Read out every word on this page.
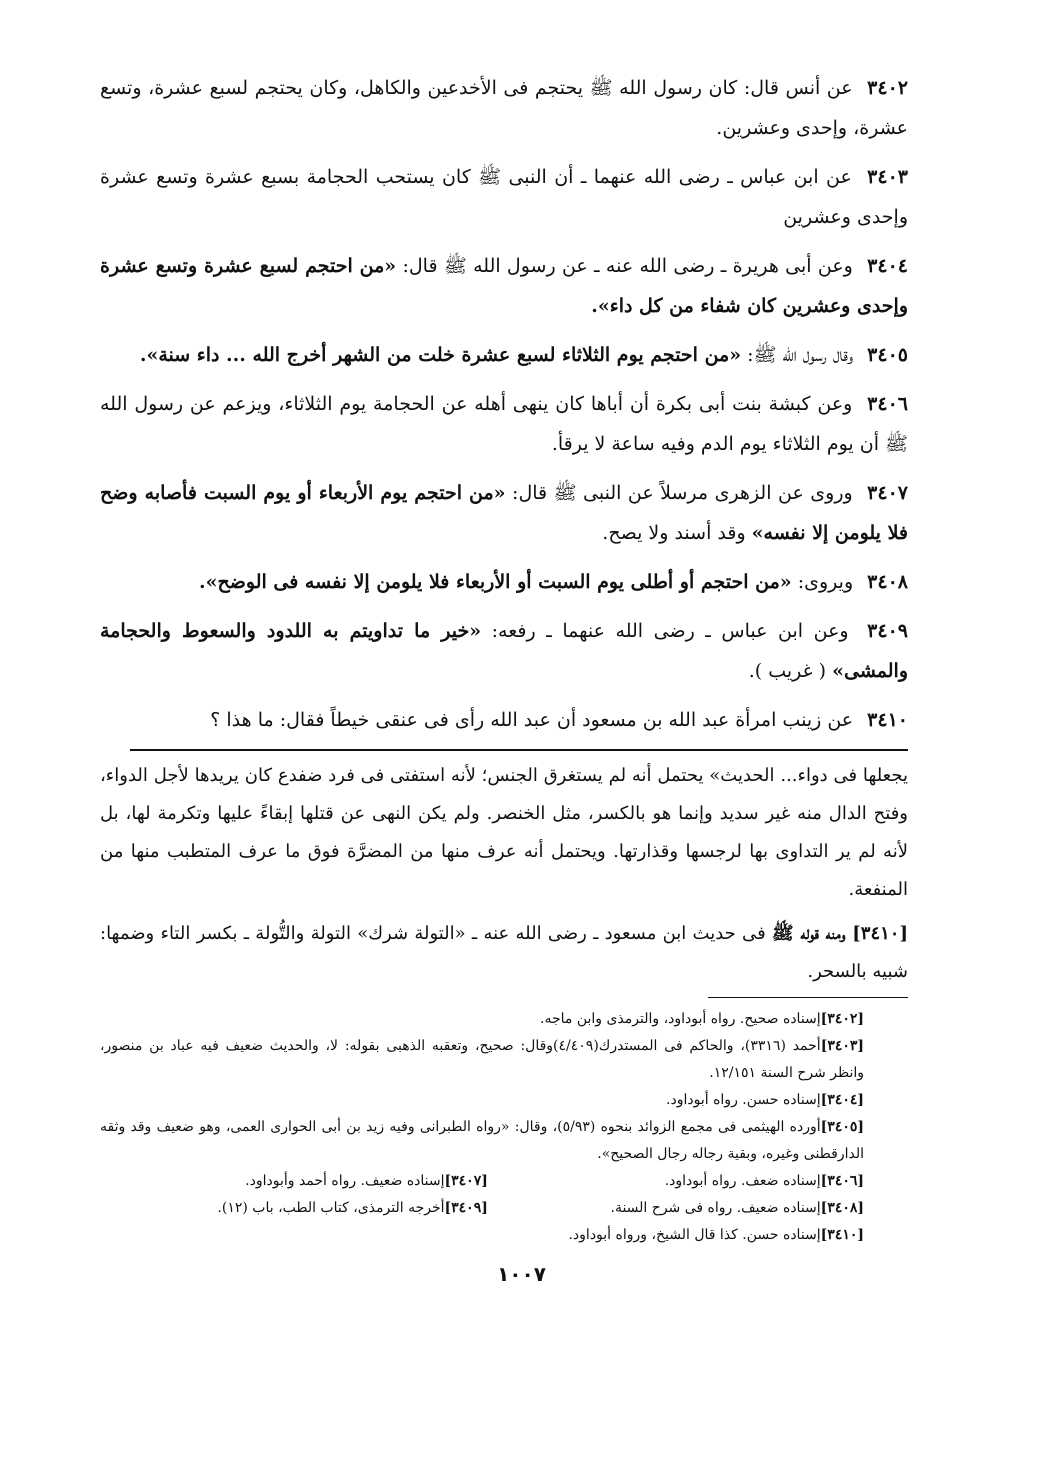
٣٤٠٢ عن أنس قال: كان رسول الله ﷺ يحتجم فى الأخدعين والكاهل، وكان يحتجم لسبع عشرة، وتسع عشرة، وإحدى وعشرين.

٣٤٠٣ عن ابن عباس ـ رضى الله عنهما ـ أن النبى ﷺ كان يستحب الحجامة بسبع عشرة وتسع عشرة وإحدى وعشرين

٣٤٠٤ وعن أبى هريرة ـ رضى الله عنه ـ عن رسول الله ﷺ قال: «من احتجم لسبع عشرة وتسع عشرة وإحدى وعشرين كان شفاء من كل داء».

٣٤٠٥ وقال رسول الله ﷺ: «من احتجم يوم الثلاثاء لسبع عشرة خلت من الشهر أخرج الله ... داء سنة».

٣٤٠٦ وعن كبشة بنت أبى بكرة أن أباها كان ينهى أهله عن الحجامة يوم الثلاثاء، ويزعم عن رسول الله ﷺ أن يوم الثلاثاء يوم الدم وفيه ساعة لا يرقأ.

٣٤٠٧ وروى عن الزهرى مرسلاً عن النبى ﷺ قال: «من احتجم يوم الأربعاء أو يوم السبت فأصابه وضح فلا يلومن إلا نفسه» وقد أسند ولا يصح.

٣٤٠٨ ويروى: «من احتجم أو أطلى يوم السبت أو الأربعاء فلا يلومن إلا نفسه فى الوضح».

٣٤٠٩ وعن ابن عباس ـ رضى الله عنهما ـ رفعه: «خير ما تداويتم به اللدود والسعوط والحجامة والمشى» ( غريب ).

٣٤١٠ عن زينب امرأة عبد الله بن مسعود أن عبد الله رأى فى عنقى خيطاً فقال: ما هذا ؟

يجعلها فى دواء... الحديث» يحتمل أنه لم يستغرق الجنس؛ لأنه استفتى فى فرد ضفدع كان يريدها لأجل الدواء، وفتح الدال منه غير سديد وإنما هو بالكسر، مثل الخنصر. ولم يكن النهى عن قتلها إبقاءً عليها وتكرمة لها، بل لأنه لم ير التداوى بها لرجسها وقذارتها. ويحتمل أنه عرف منها من المضرَّة فوق ما عرف المتطبب منها من المنفعة.

[٣٤١٠] ومنه قوله ﷺ فى حديث ابن مسعود ـ رضى الله عنه ـ «التولة شرك» التولة والتُّولة ـ بكسر التاء وضمها: شبيه بالسحر.

[٣٤٠٢]إسناده صحيح. رواه أبوداود، والترمذى وابن ماجه.

[٣٤٠٣]أحمد (٣٣١٦)، والحاكم فى المستدرك(٤/٤٠٩)وقال: صحيح، وتعقبه الذهبى بقوله: لا، والحديث ضعيف فيه عباد بن منصور، وانظر شرح السنة ١٢/١٥١.

[٣٤٠٤]إسناده حسن. رواه أبوداود.

[٣٤٠٥]أورده الهيثمى فى مجمع الزوائد بنحوه (٥/٩٣)، وقال: «رواه الطبرانى وفيه زيد بن أبى الحوارى العمى، وهو ضعيف وقد وثقه الدارقطنى وغيره، وبقية رجاله رجال الصحيح».

[٣٤٠٦]إسناده ضعف. رواه أبوداود.
[٣٤٠٧]إسناده ضعيف. رواه أحمد وأبوداود.
[٣٤٠٨]إسناده ضعيف. رواه فى شرح السنة.
[٣٤٠٩]أخرجه الترمذى، كتاب الطب، باب (١٢).

[٣٤١٠]إسناده حسن. كذا قال الشيخ، ورواه أبوداود.

١٠٠٧
